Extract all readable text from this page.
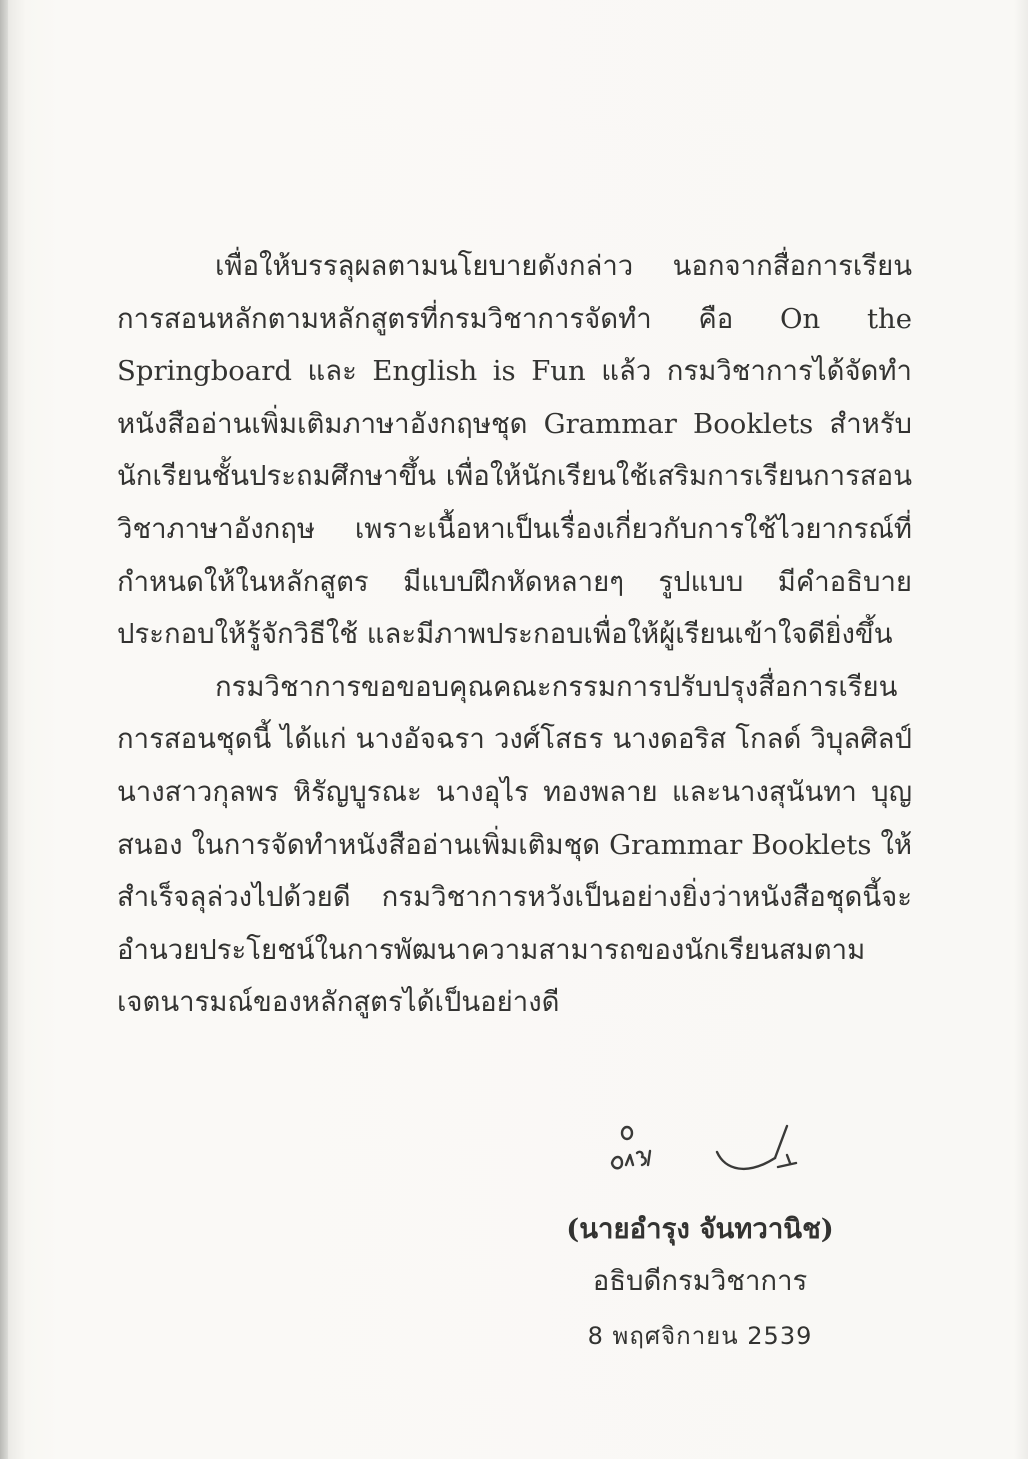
เพื่อให้บรรลุผลตามนโยบายดังกล่าว นอกจากสื่อการเรียนการสอนหลักตามหลักสูตรที่กรมวิชาการจัดทำ คือ On the Springboard และ English is Fun แล้ว กรมวิชาการได้จัดทำหนังสืออ่านเพิ่มเติมภาษาอังกฤษชุด Grammar Booklets สำหรับนักเรียนชั้นประถมศึกษาขึ้น เพื่อให้นักเรียนใช้เสริมการเรียนการสอนวิชาภาษาอังกฤษ เพราะเนื้อหาเป็นเรื่องเกี่ยวกับการใช้ไวยากรณ์ที่กำหนดให้ในหลักสูตร มีแบบฝึกหัดหลายๆ รูปแบบ มีคำอธิบายประกอบให้รู้จักวิธีใช้ และมีภาพประกอบเพื่อให้ผู้เรียนเข้าใจดียิ่งขึ้น

กรมวิชาการขอขอบคุณคณะกรรมการปรับปรุงสื่อการเรียนการสอนชุดนี้ ได้แก่ นางอัจฉรา วงศ์โสธร นางดอริส โกลด์ วิบุลศิลป์ นางสาวกุลพร หิรัญบูรณะ นางอุไร ทองพลาย และนางสุนันทา บุญสนอง ในการจัดทำหนังสืออ่านเพิ่มเติมชุด Grammar Booklets ให้สำเร็จลุล่วงไปด้วยดี กรมวิชาการหวังเป็นอย่างยิ่งว่าหนังสือชุดนี้จะอำนวยประโยชน์ในการพัฒนาความสามารถของนักเรียนสมตามเจตนารมณ์ของหลักสูตรได้เป็นอย่างดี

(นายอำรุง จันทวานิช)
อธิบดีกรมวิชาการ
8 พฤศจิกายน 2539
